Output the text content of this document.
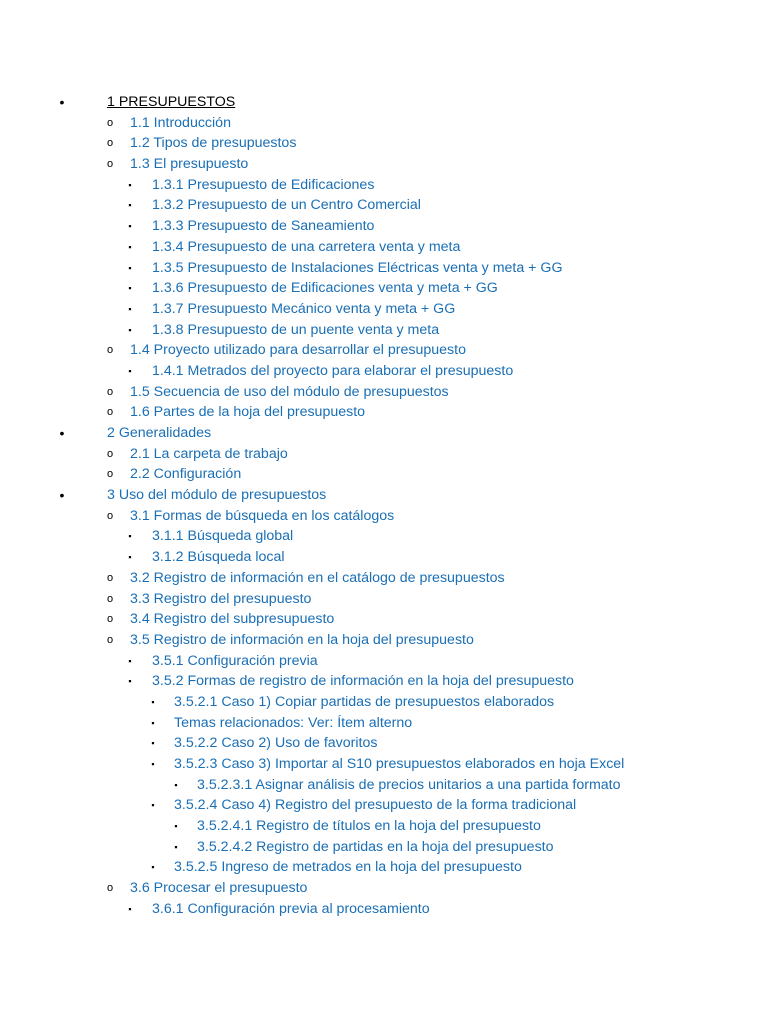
•	1 PRESUPUESTOS
o 1.1 Introducción
o 1.2 Tipos de presupuestos
o 1.3 El presupuesto
▪	1.3.1 Presupuesto de Edificaciones
▪	1.3.2 Presupuesto de un Centro Comercial
▪	1.3.3 Presupuesto de Saneamiento
▪	1.3.4 Presupuesto de una carretera venta y meta
▪	1.3.5 Presupuesto de Instalaciones Eléctricas venta y meta + GG
▪	1.3.6 Presupuesto de Edificaciones venta y meta + GG
▪	1.3.7 Presupuesto Mecánico venta y meta + GG
▪	1.3.8 Presupuesto de un puente venta y meta
o 1.4 Proyecto utilizado para desarrollar el presupuesto
▪	1.4.1 Metrados del proyecto para elaborar el presupuesto
o 1.5 Secuencia de uso del módulo de presupuestos
o 1.6 Partes de la hoja del presupuesto
•	2 Generalidades
o 2.1 La carpeta de trabajo
o 2.2 Configuración
•	3 Uso del módulo de presupuestos
o 3.1 Formas de búsqueda en los catálogos
▪	3.1.1 Búsqueda global
▪	3.1.2 Búsqueda local
o 3.2 Registro de información en el catálogo de presupuestos
o 3.3 Registro del presupuesto
o 3.4 Registro del subpresupuesto
o 3.5 Registro de información en la hoja del presupuesto
▪	3.5.1 Configuración previa
▪	3.5.2 Formas de registro de información en la hoja del presupuesto
▪	3.5.2.1 Caso 1) Copiar partidas de presupuestos elaborados
▪	Temas relacionados: Ver: Ítem alterno
▪	3.5.2.2 Caso 2) Uso de favoritos
▪	3.5.2.3 Caso 3) Importar al S10 presupuestos elaborados en hoja Excel
▪	3.5.2.3.1 Asignar análisis de precios unitarios a una partida formato
▪	3.5.2.4 Caso 4) Registro del presupuesto de la forma tradicional
▪	3.5.2.4.1 Registro de títulos en la hoja del presupuesto
▪	3.5.2.4.2 Registro de partidas en la hoja del presupuesto
▪	3.5.2.5 Ingreso de metrados en la hoja del presupuesto
o 3.6 Procesar el presupuesto
▪	3.6.1 Configuración previa al procesamiento
